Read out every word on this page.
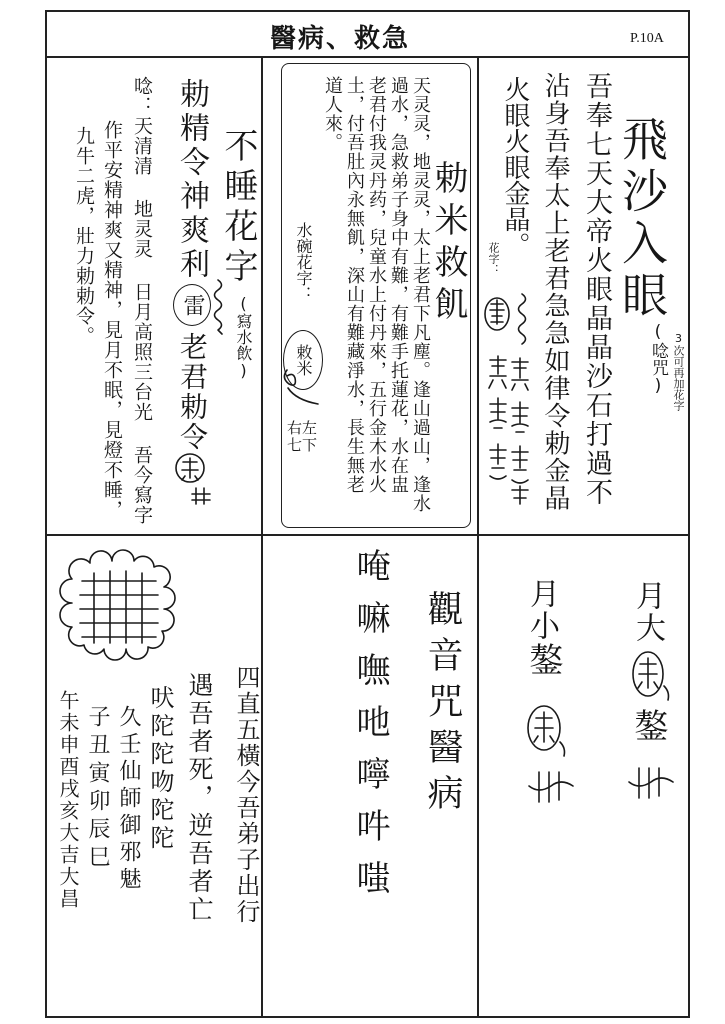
醫病、救急	P.10A
飛沙入眼
(唸咒) 3次可再加花字
吾奉七天大帝火眼晶晶沙石打過不
沾身吾奉太上老君急急如律令勅金晶
火眼火眼金晶。
花字：
勅米救飢
天灵灵，地灵灵，太上老君下凡塵。逢山過山，逢水
過水，急救弟子身中有難，有難手托蓮花，水在盅
老君付我灵丹药，兒童水上付丹來，五行金木水火
土，付吾肚內永無飢，深山有難藏淨水，長生無老
道人來。
水碗花字：
敕米
右左七下
不睡花字
(寫水飲)
勅精令神爽利
雷
老君勅令
唸：天清清 地灵灵 日月高照三台光 吾今寫字
作平安精神爽又精神，見月不眠，見燈不睡，
九牛二虎，壯力勅勅令。
四直五橫今吾弟子出行
遇吾者死，逆吾者亡
吠陀陀吻陀陀
久壬仙師御邪魅
子丑寅卯辰巳
午未申酉戌亥大吉大昌	觀音咒醫病
唵嘛嘸吔嚀吽嗤	月大
鏊
月小
鏊
